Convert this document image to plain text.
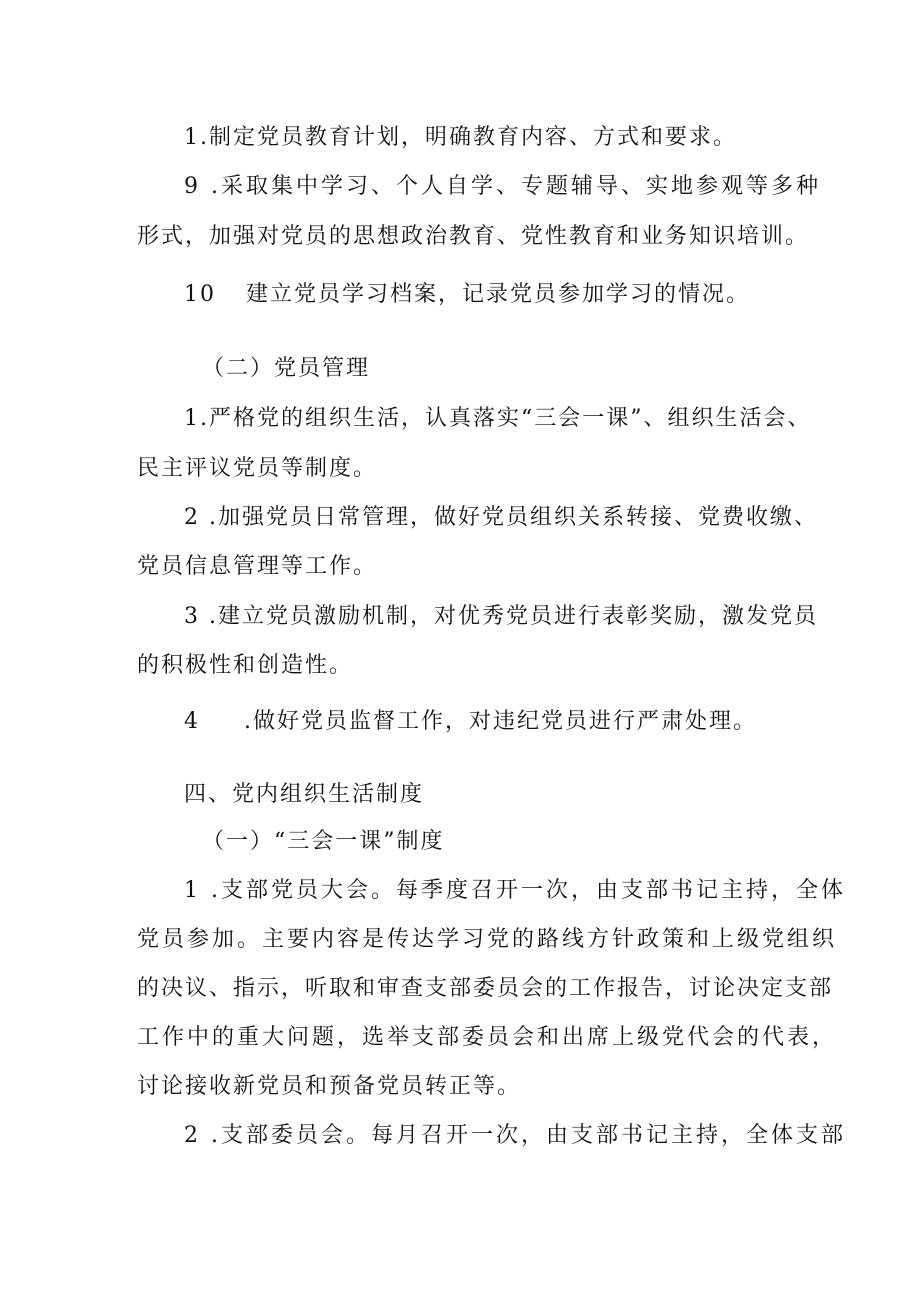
1.制定党员教育计划，明确教育内容、方式和要求。
9 .采取集中学习、个人自学、专题辅导、实地参观等多种
形式，加强对党员的思想政治教育、党性教育和业务知识培训。
10 建立党员学习档案，记录党员参加学习的情况。
（二）党员管理
1.严格党的组织生活，认真落实“三会一课”、组织生活会、
民主评议党员等制度。
2 .加强党员日常管理，做好党员组织关系转接、党费收缴、
党员信息管理等工作。
3 .建立党员激励机制，对优秀党员进行表彰奖励，激发党员
的积极性和创造性。
4 .做好党员监督工作，对违纪党员进行严肃处理。
四、党内组织生活制度
（一）“三会一课”制度
1 .支部党员大会。每季度召开一次，由支部书记主持，全体
党员参加。主要内容是传达学习党的路线方针政策和上级党组织
的决议、指示，听取和审查支部委员会的工作报告，讨论决定支部
工作中的重大问题，选举支部委员会和出席上级党代会的代表，
讨论接收新党员和预备党员转正等。
2 .支部委员会。每月召开一次，由支部书记主持，全体支部
